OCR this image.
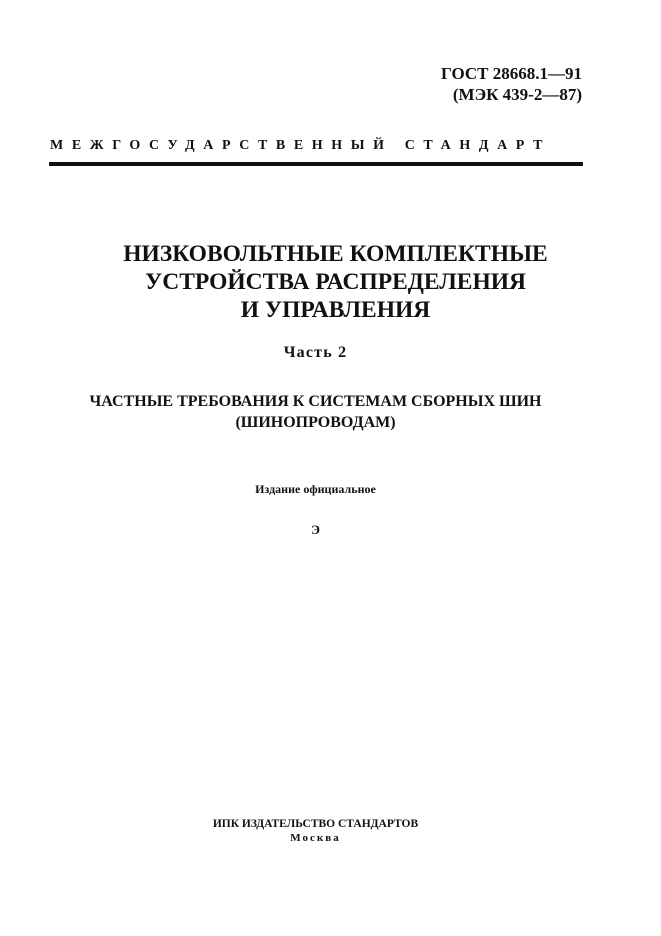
ГОСТ 28668.1—91
(МЭК 439-2—87)
МЕЖГОСУДАРСТВЕННЫЙ СТАНДАРТ
НИЗКОВОЛЬТНЫЕ КОМПЛЕКТНЫЕ
УСТРОЙСТВА РАСПРЕДЕЛЕНИЯ
И УПРАВЛЕНИЯ
Часть 2
ЧАСТНЫЕ ТРЕБОВАНИЯ К СИСТЕМАМ СБОРНЫХ ШИН
(ШИНОПРОВОДАМ)
Издание официальное
Э
ИПК ИЗДАТЕЛЬСТВО СТАНДАРТОВ
Москва
